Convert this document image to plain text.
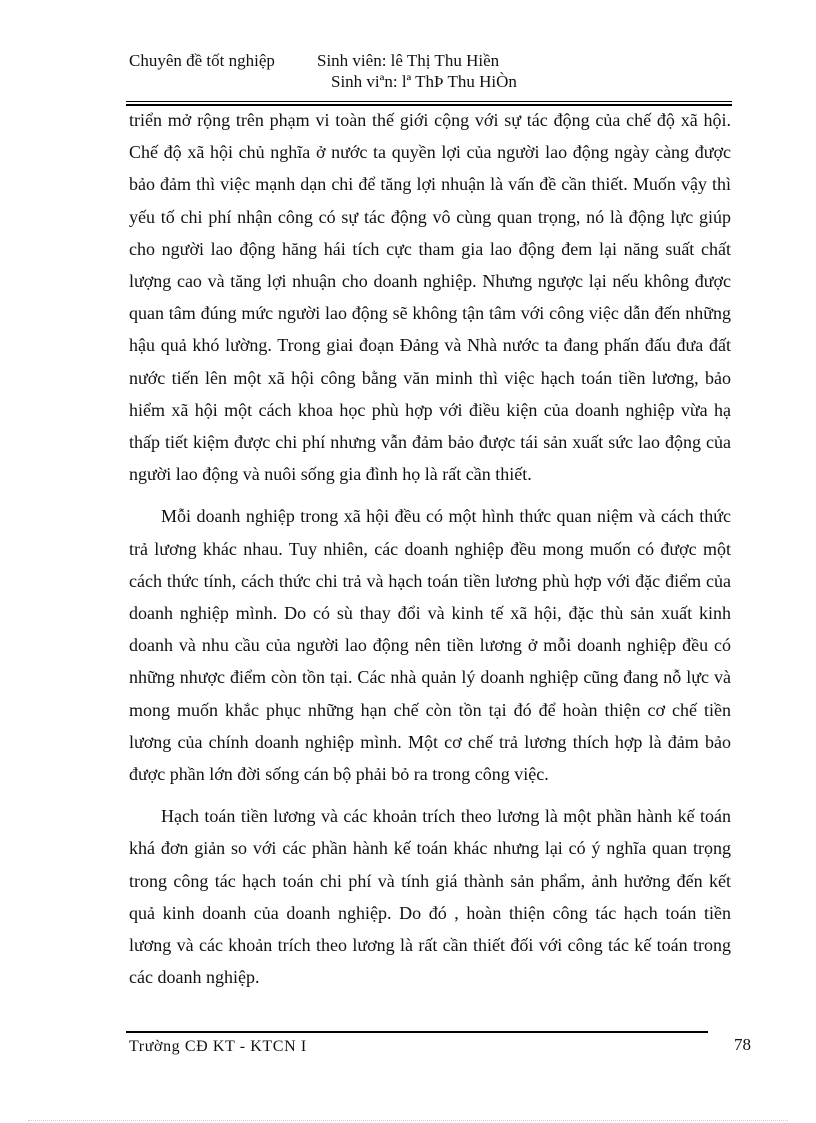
Chuyên đề tốt nghiệp	Sinh viên: lê Thị Thu Hiền
Sinh viªn: lª ThÞ Thu HiÒn

triển mở rộng trên phạm vi toàn thế giới cộng với sự tác động của chế độ xã hội. Chế độ xã hội chủ nghĩa ở nước ta quyền lợi của người lao động ngày càng được bảo đảm thì việc mạnh dạn chi để tăng lợi nhuận là vấn đề cần thiết. Muốn vậy thì yếu tố chi phí nhận công có sự tác động vô cùng quan trọng, nó là động lực giúp cho người lao động hăng hái tích cực tham gia lao động đem lại năng suất chất lượng cao và tăng lợi nhuận cho doanh nghiệp. Nhưng ngược lại nếu không được quan tâm đúng mức người lao động sẽ không tận tâm với công việc dẫn đến những hậu quả khó lường. Trong giai đoạn Đảng và Nhà nước ta đang phấn đấu đưa đất nước tiến lên một xã hội công bằng văn minh thì việc hạch toán tiền lương, bảo hiểm xã hội một cách khoa học phù hợp với điều kiện của doanh nghiệp vừa hạ thấp tiết kiệm được chi phí nhưng vẫn đảm bảo được tái sản xuất sức lao động của người lao động và nuôi sống gia đình họ là rất cần thiết.

Mỗi doanh nghiệp trong xã hội đều có một hình thức quan niệm và cách thức trả lương khác nhau. Tuy nhiên, các doanh nghiệp đều mong muốn có được một cách thức tính, cách thức chi trả và hạch toán tiền lương phù hợp với đặc điểm của doanh nghiệp mình. Do có sù thay đổi và kinh tế xã hội, đặc thù sản xuất kinh doanh và nhu cầu của người lao động nên tiền lương ở mỗi doanh nghiệp đều có những nhược điểm còn tồn tại. Các nhà quản lý doanh nghiệp cũng đang nỗ lực và mong muốn khắc phục những hạn chế còn tồn tại đó để hoàn thiện cơ chế tiền lương của chính doanh nghiệp mình. Một cơ chế trả lương thích hợp là đảm bảo được phần lớn đời sống cán bộ phải bỏ ra trong công việc.

Hạch toán tiền lương và các khoản trích theo lương là một phần hành kế toán khá đơn giản so với các phần hành kế toán khác nhưng lại có ý nghĩa quan trọng trong công tác hạch toán chi phí và tính giá thành sản phẩm, ảnh hưởng đến kết quả kinh doanh của doanh nghiệp. Do đó , hoàn thiện công tác hạch toán tiền lương và các khoản trích theo lương là rất cần thiết đối với công tác kế toán trong các doanh nghiệp.

Trường CĐ KT - KTCN I	78
